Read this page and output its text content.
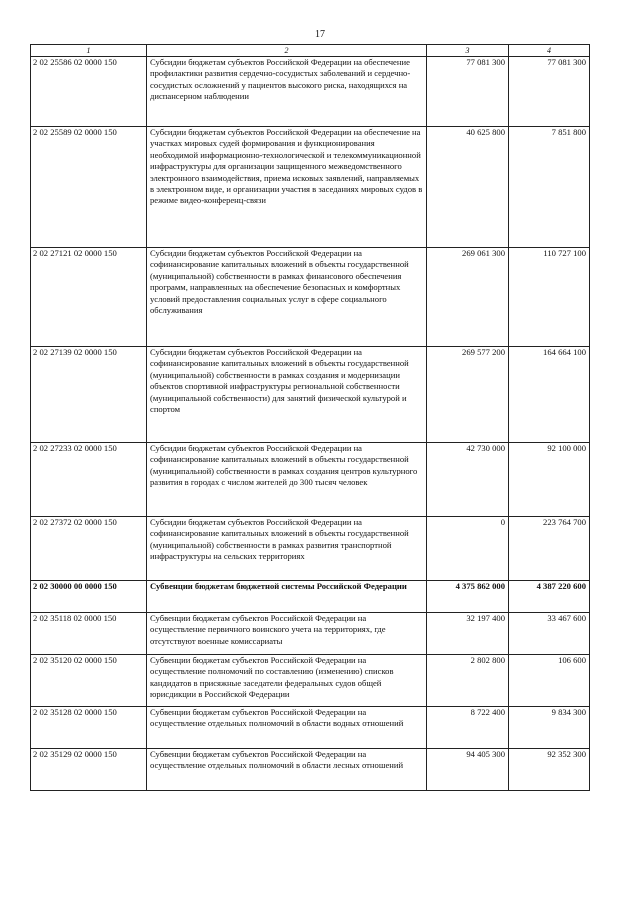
17
1	2	3	4
2 02 25586 02 0000 150	Субсидии бюджетам субъектов Российской Федерации на обеспечение профилактики развития сердечно-сосудистых заболеваний и сердечно-сосудистых осложнений у пациентов высокого риска, находящихся на диспансерном наблюдении	77 081 300	77 081 300
2 02 25589 02 0000 150	Субсидии бюджетам субъектов Российской Федерации на обеспечение на участках мировых судей формирования и функционирования необходимой информационно-технологической и телекоммуникационной инфраструктуры для организации защищенного межведомственного электронного взаимодействия, приема исковых заявлений, направляемых в электронном виде, и организации участия в заседаниях мировых судов в режиме видео-конференц-связи	40 625 800	7 851 800
2 02 27121 02 0000 150	Субсидии бюджетам субъектов Российской Федерации на софинансирование капитальных вложений в объекты государственной (муниципальной) собственности в рамках финансового обеспечения программ, направленных на обеспечение безопасных и комфортных условий предоставления социальных услуг в сфере социального обслуживания	269 061 300	110 727 100
2 02 27139 02 0000 150	Субсидии бюджетам субъектов Российской Федерации на софинансирование капитальных вложений в объекты государственной (муниципальной) собственности в рамках создания и модернизации объектов спортивной инфраструктуры региональной собственности (муниципальной собственности) для занятий физической культурой и спортом	269 577 200	164 664 100
2 02 27233 02 0000 150	Субсидии бюджетам субъектов Российской Федерации на софинансирование капитальных вложений в объекты государственной (муниципальной) собственности в рамках создания центров культурного развития в городах с числом жителей до 300 тысяч человек	42 730 000	92 100 000
2 02 27372 02 0000 150	Субсидии бюджетам субъектов Российской Федерации на софинансирование капитальных вложений в объекты государственной (муниципальной) собственности в рамках развития транспортной инфраструктуры на сельских территориях	0	223 764 700
2 02 30000 00 0000 150	Субвенции бюджетам бюджетной системы Российской Федерации	4 375 862 000	4 387 220 600
2 02 35118 02 0000 150	Субвенции бюджетам субъектов Российской Федерации на осуществление первичного воинского учета на территориях, где отсутствуют военные комиссариаты	32 197 400	33 467 600
2 02 35120 02 0000 150	Субвенции бюджетам субъектов Российской Федерации на осуществление полномочий по составлению (изменению) списков кандидатов в присяжные заседатели федеральных судов общей юрисдикции в Российской Федерации	2 802 800	106 600
2 02 35128 02 0000 150	Субвенции бюджетам субъектов Российской Федерации на осуществление отдельных полномочий в области водных отношений	8 722 400	9 834 300
2 02 35129 02 0000 150	Субвенции бюджетам субъектов Российской Федерации на осуществление отдельных полномочий в области лесных отношений	94 405 300	92 352 300
